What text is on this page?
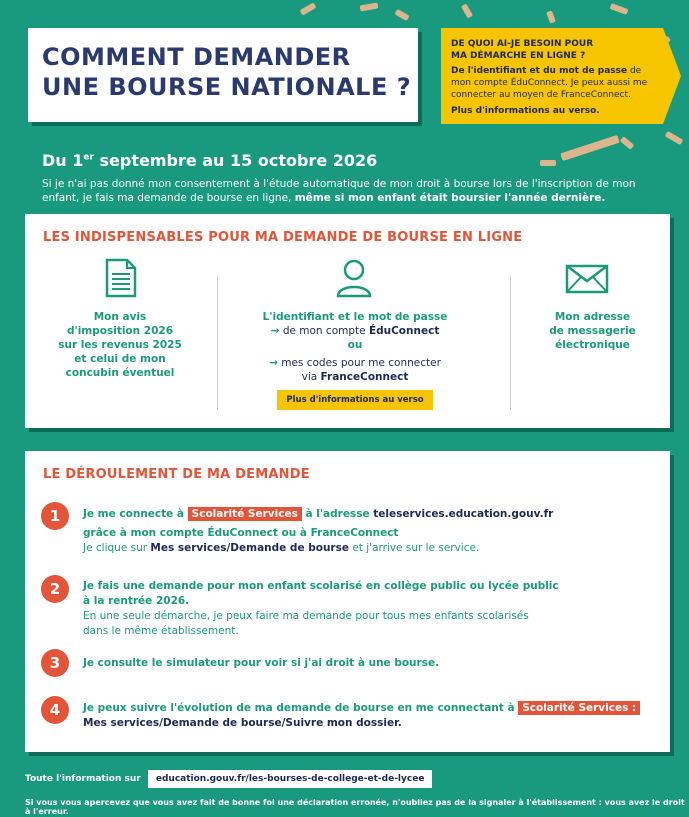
COMMENT DEMANDER
UNE BOURSE NATIONALE ?
DE QUOI AI-JE BESOIN POUR
MA DÉMARCHE EN LIGNE ?
De l'identifiant et du mot de passe de mon compte ÉduConnect. Je peux aussi me connecter au moyen de FranceConnect.
Plus d'informations au verso.
Du 1er septembre au 15 octobre 2026
Si je n'ai pas donné mon consentement à l'étude automatique de mon droit à bourse lors de l'inscription de mon enfant, je fais ma demande de bourse en ligne, même si mon enfant était boursier l'année dernière.
LES INDISPENSABLES POUR MA DEMANDE DE BOURSE EN LIGNE
Mon avis
d'imposition 2026
sur les revenus 2025
et celui de mon
concubin éventuel
L'identifiant et le mot de passe
→ de mon compte ÉduConnect
ou
→ mes codes pour me connecter
via FranceConnect
Plus d'informations au verso
Mon adresse
de messagerie
électronique
LE DÉROULEMENT DE MA DEMANDE
1	Je me connecte à Scolarité Services à l'adresse teleservices.education.gouv.fr
grâce à mon compte ÉduConnect ou à FranceConnect
Je clique sur Mes services/Demande de bourse et j'arrive sur le service.
2	Je fais une demande pour mon enfant scolarisé en collège public ou lycée public
à la rentrée 2026.
En une seule démarche, je peux faire ma demande pour tous mes enfants scolarisés
dans le même établissement.
3	Je consulte le simulateur pour voir si j'ai droit à une bourse.
4	Je peux suivre l'évolution de ma demande de bourse en me connectant à Scolarité Services :
Mes services/Demande de bourse/Suivre mon dossier.
Toute l'information sur education.gouv.fr/les-bourses-de-college-et-de-lycee
Si vous vous apercevez que vous avez fait de bonne foi une déclaration erronée, n'oubliez pas de la signaler à l'établissement : vous avez le droit à l'erreur.
